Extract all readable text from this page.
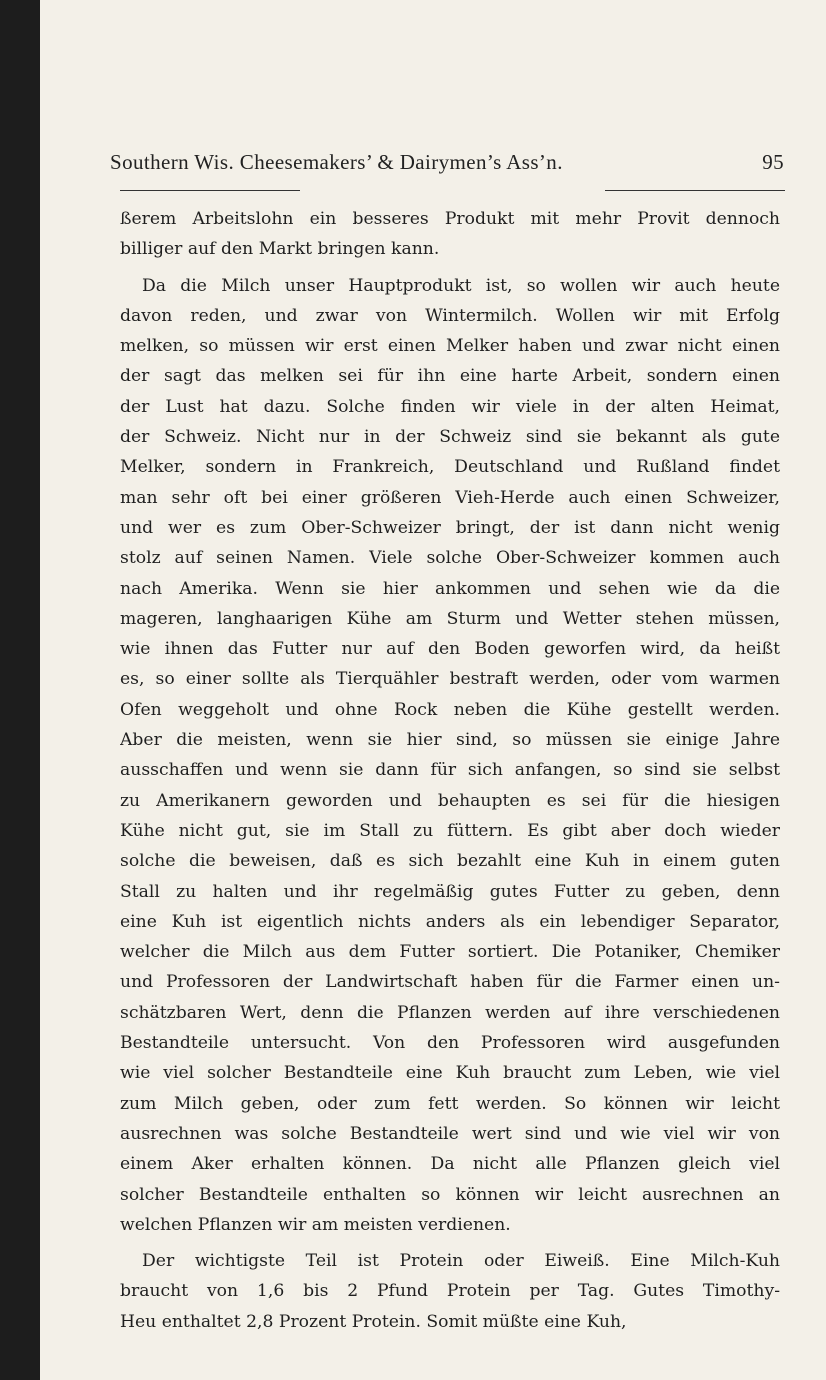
Southern Wis. Cheesemakers’ & Dairymen’s Ass’n.	95
ßerem Arbeitslohn ein besseres Produkt mit mehr Provit dennoch
billiger auf den Markt bringen kann.
Da die Milch unser Hauptprodukt ist, so wollen wir auch heute
davon reden, und zwar von Wintermilch. Wollen wir mit Erfolg
melken, so müssen wir erst einen Melker haben und zwar nicht einen
der sagt das melken sei für ihn eine harte Arbeit, sondern einen
der Lust hat dazu. Solche finden wir viele in der alten Heimat,
der Schweiz. Nicht nur in der Schweiz sind sie bekannt als gute
Melker, sondern in Frankreich, Deutschland und Rußland findet
man sehr oft bei einer größeren Vieh-Herde auch einen Schweizer,
und wer es zum Ober-Schweizer bringt, der ist dann nicht wenig
stolz auf seinen Namen. Viele solche Ober-Schweizer kommen auch
nach Amerika. Wenn sie hier ankommen und sehen wie da die
mageren, langhaarigen Kühe am Sturm und Wetter stehen müssen,
wie ihnen das Futter nur auf den Boden geworfen wird, da heißt
es, so einer sollte als Tierquähler bestraft werden, oder vom warmen
Ofen weggeholt und ohne Rock neben die Kühe gestellt werden.
Aber die meisten, wenn sie hier sind, so müssen sie einige Jahre
ausschaffen und wenn sie dann für sich anfangen, so sind sie selbst
zu Amerikanern geworden und behaupten es sei für die hiesigen
Kühe nicht gut, sie im Stall zu füttern. Es gibt aber doch wieder
solche die beweisen, daß es sich bezahlt eine Kuh in einem guten
Stall zu halten und ihr regelmäßig gutes Futter zu geben, denn
eine Kuh ist eigentlich nichts anders als ein lebendiger Separator,
welcher die Milch aus dem Futter sortiert. Die Potaniker, Chemiker
und Professoren der Landwirtschaft haben für die Farmer einen un-
schätzbaren Wert, denn die Pflanzen werden auf ihre verschiedenen
Bestandteile untersucht. Von den Professoren wird ausgefunden
wie viel solcher Bestandteile eine Kuh braucht zum Leben, wie viel
zum Milch geben, oder zum fett werden. So können wir leicht
ausrechnen was solche Bestandteile wert sind und wie viel wir von
einem Aker erhalten können. Da nicht alle Pflanzen gleich viel
solcher Bestandteile enthalten so können wir leicht ausrechnen an
welchen Pflanzen wir am meisten verdienen.
Der wichtigste Teil ist Protein oder Eiweiß. Eine Milch-Kuh
braucht von 1,6 bis 2 Pfund Protein per Tag. Gutes Timothy-
Heu enthaltet 2,8 Prozent Protein. Somit müßte eine Kuh,
